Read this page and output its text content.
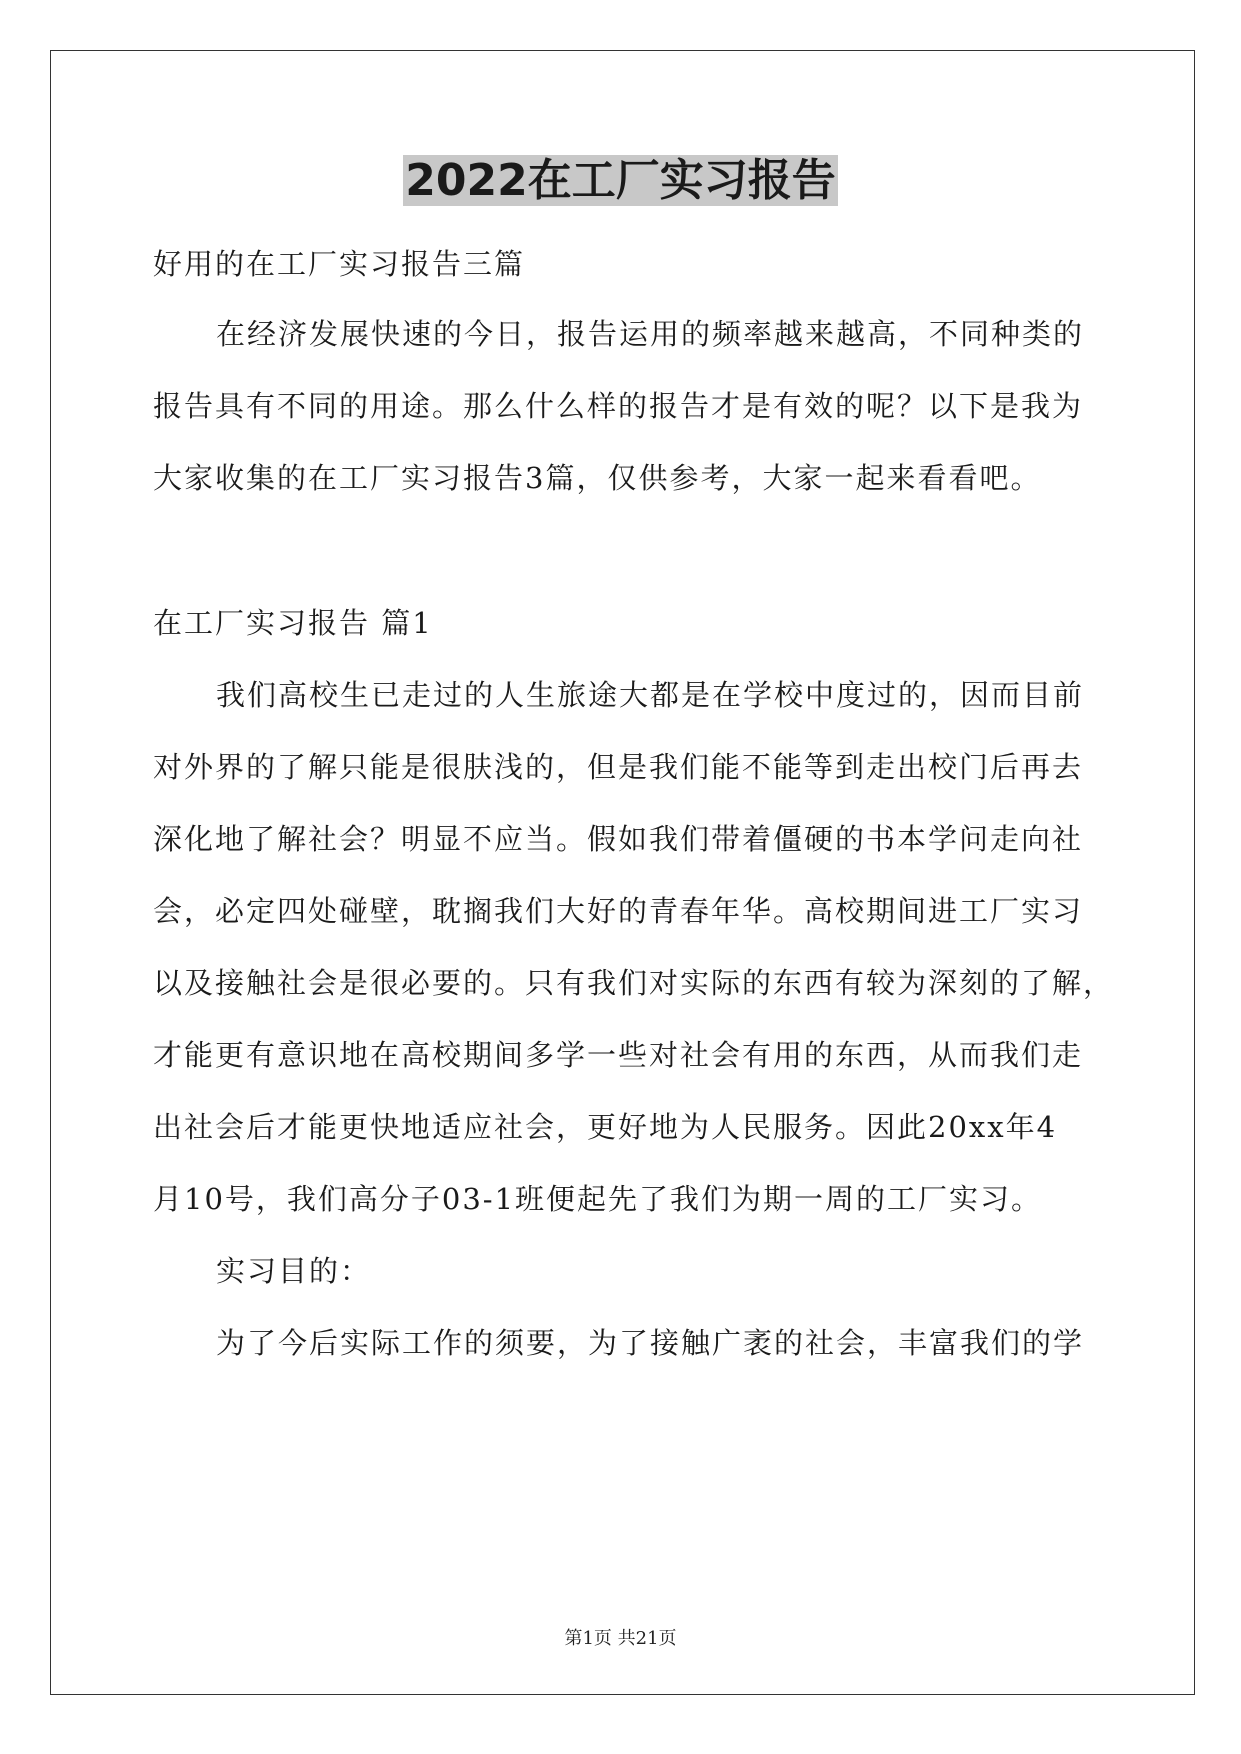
2022在工厂实习报告
好用的在工厂实习报告三篇
在经济发展快速的今日，报告运用的频率越来越高，不同种类的
报告具有不同的用途。那么什么样的报告才是有效的呢？以下是我为
大家收集的在工厂实习报告3篇，仅供参考，大家一起来看看吧。
在工厂实习报告 篇1
我们高校生已走过的人生旅途大都是在学校中度过的，因而目前
对外界的了解只能是很肤浅的，但是我们能不能等到走出校门后再去
深化地了解社会？明显不应当。假如我们带着僵硬的书本学问走向社
会，必定四处碰壁，耽搁我们大好的青春年华。高校期间进工厂实习
以及接触社会是很必要的。只有我们对实际的东西有较为深刻的了解，
才能更有意识地在高校期间多学一些对社会有用的东西，从而我们走
出社会后才能更快地适应社会，更好地为人民服务。因此20xx年4
月10号，我们高分子03-1班便起先了我们为期一周的工厂实习。
实习目的：
为了今后实际工作的须要，为了接触广袤的社会，丰富我们的学
第1页 共21页
